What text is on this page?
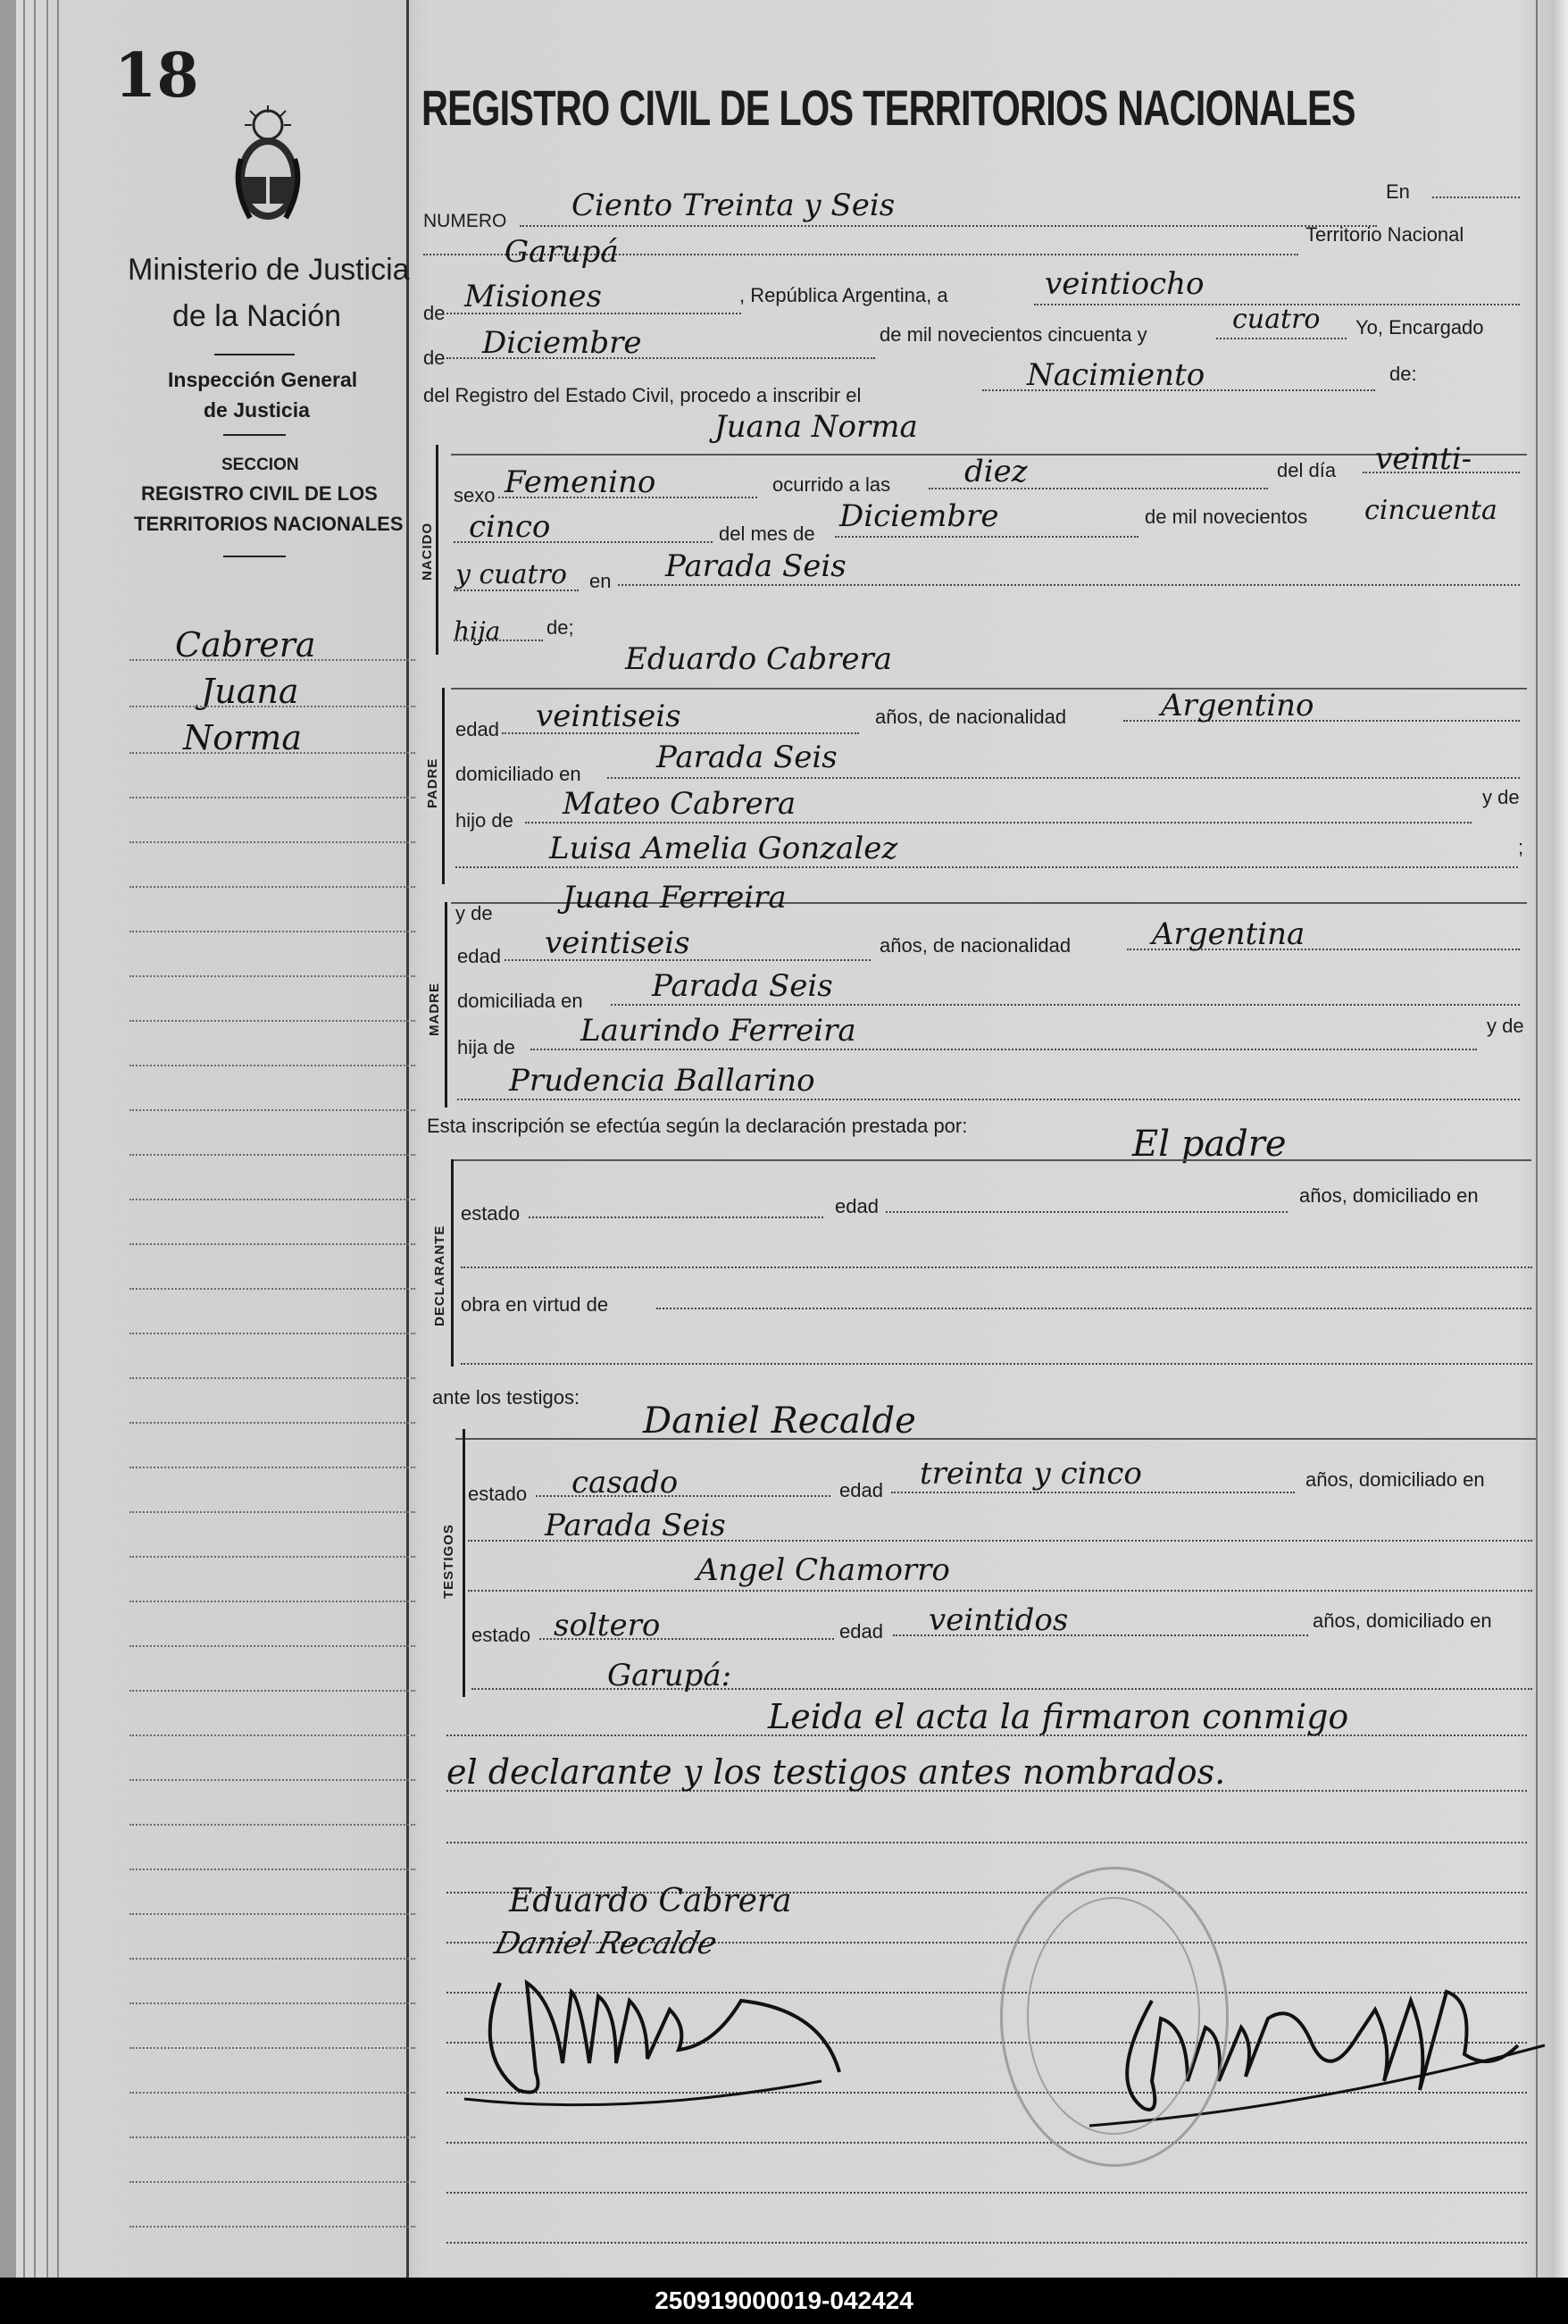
18
Ministerio de Justicia
de la Nación
Inspección General
de Justicia
SECCION
REGISTRO CIVIL DE LOS
TERRITORIOS NACIONALES
Cabrera
Juana
Norma
REGISTRO CIVIL DE LOS TERRITORIOS NACIONALES
NUMERO Ciento Treinta y Seis	En
Garupá	Territorio Nacional
de Misiones	, República Argentina, a	veintiocho
de Diciembre	de mil novecientos cincuenta y	cuatro Yo, Encargado
del Registro del Estado Civil, procedo a inscribir el
Nacimiento	de:
Juana Norma
NACIDO
sexo Femenino	ocurrido a las diez	del día veinti-
cinco	del mes de Diciembre	de mil novecientos cincuenta
y cuatro en Parada Seis
hija de;
Eduardo Cabrera
PADRE
edad veintiseis	años, de nacionalidad	Argentino
domiciliado en Parada Seis
hijo de Mateo Cabrera	y de
Luisa Amelia Gonzalez	;
MADRE
y de Juana Ferreira
edad veintiseis	años, de nacionalidad	Argentina
domiciliada en Parada Seis
hija de Laurindo Ferreira	y de
Prudencia Ballarino
Esta inscripción se efectúa según la declaración prestada por:	El padre
DECLARANTE
estado	edad	años, domiciliado en
obra en virtud de
ante los testigos:
Daniel Recalde
TESTIGOS
estado casado	edad treinta y cinco	años, domiciliado en
Parada Seis
Angel Chamorro
estado soltero	edad veintidos	años, domiciliado en
Garupá:
Leida el acta la firmaron conmigo
el declarante y los testigos antes nombrados.
Eduardo Cabrera
Daniel Recalde
250919000019-042424
